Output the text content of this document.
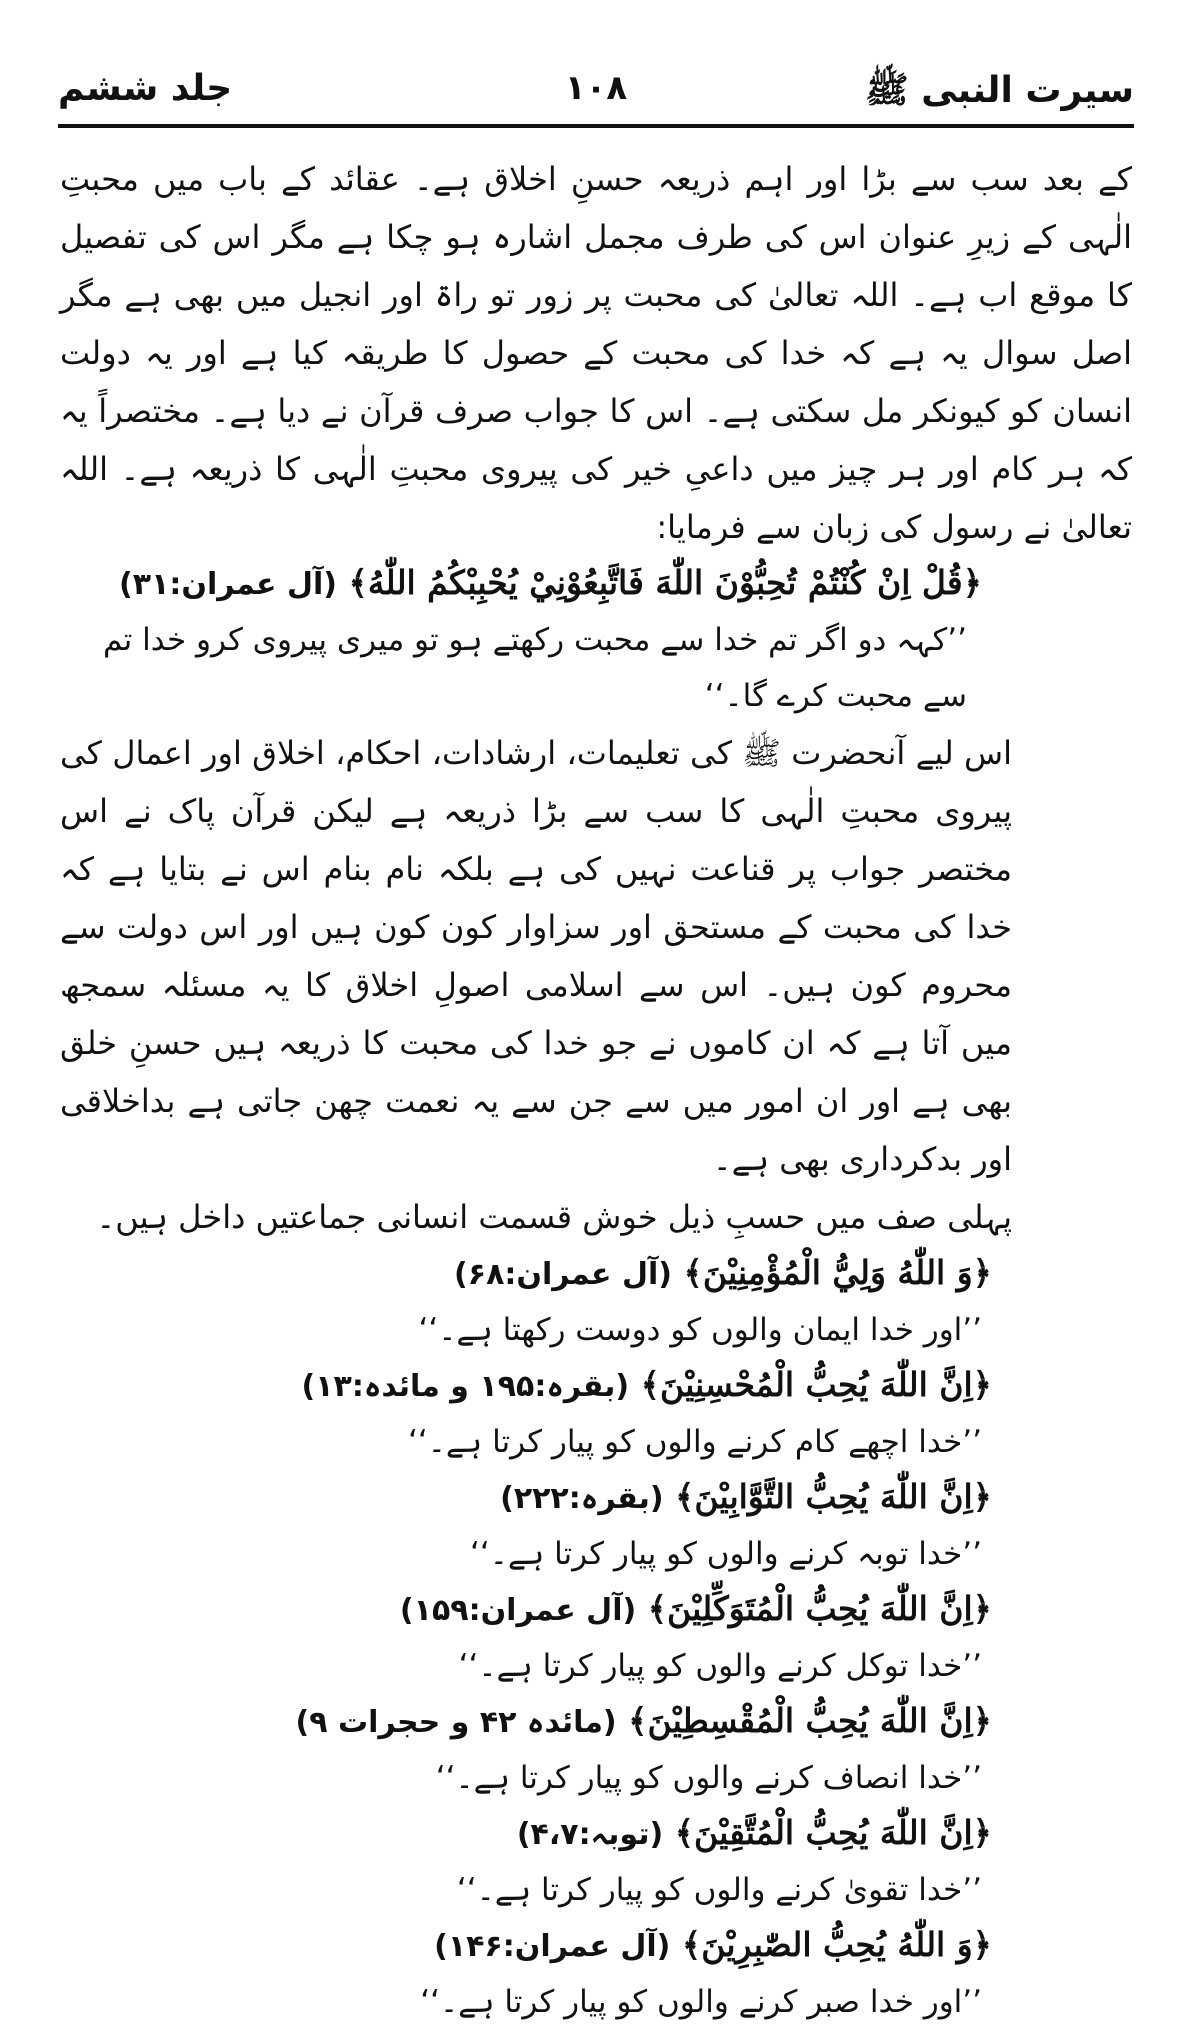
سیرت النبی ﷺ
۱۰۸
جلد ششم

کے بعد سب سے بڑا اور اہم ذریعہ حسنِ اخلاق ہے۔ عقائد کے باب میں محبتِ الٰہی کے زیرِ عنوان اس کی طرف مجمل اشارہ ہو چکا ہے مگر اس کی تفصیل کا موقع اب ہے۔ اللہ تعالیٰ کی محبت پر زور تو راۃ اور انجیل میں بھی ہے مگر اصل سوال یہ ہے کہ خدا کی محبت کے حصول کا طریقہ کیا ہے اور یہ دولت انسان کو کیونکر مل سکتی ہے۔ اس کا جواب صرف قرآن نے دیا ہے۔ مختصراً یہ کہ ہر کام اور ہر چیز میں داعیِ خیر کی پیروی محبتِ الٰہی کا ذریعہ ہے۔ اللہ تعالیٰ نے رسول کی زبان سے فرمایا:

﴿قُلْ اِنْ كُنْتُمْ تُحِبُّوْنَ اللّٰهَ فَاتَّبِعُوْنِيْ يُحْبِبْكُمُ اللّٰهُ﴾ (آل عمران:۳۱)
’’کہہ دو اگر تم خدا سے محبت رکھتے ہو تو میری پیروی کرو خدا تم سے محبت کرے گا۔‘‘

اس لیے آنحضرت ﷺ کی تعلیمات، ارشادات، احکام، اخلاق اور اعمال کی پیروی محبتِ الٰہی کا سب سے بڑا ذریعہ ہے لیکن قرآن پاک نے اس مختصر جواب پر قناعت نہیں کی ہے بلکہ نام بنام اس نے بتایا ہے کہ خدا کی محبت کے مستحق اور سزاوار کون کون ہیں اور اس دولت سے محروم کون ہیں۔ اس سے اسلامی اصولِ اخلاق کا یہ مسئلہ سمجھ میں آتا ہے کہ ان کاموں نے جو خدا کی محبت کا ذریعہ ہیں حسنِ خلق بھی ہے اور ان امور میں سے جن سے یہ نعمت چھن جاتی ہے بداخلاقی اور بدکرداری بھی ہے۔

پہلی صف میں حسبِ ذیل خوش قسمت انسانی جماعتیں داخل ہیں۔

﴿وَ اللّٰهُ وَلِيُّ الْمُؤْمِنِيْنَ﴾ (آل عمران:۶۸)
’’اور خدا ایمان والوں کو دوست رکھتا ہے۔‘‘
﴿اِنَّ اللّٰهَ يُحِبُّ الْمُحْسِنِيْنَ﴾ (بقرہ:۱۹۵ و مائدہ:۱۳)
’’خدا اچھے کام کرنے والوں کو پیار کرتا ہے۔‘‘
﴿اِنَّ اللّٰهَ يُحِبُّ التَّوَّابِيْنَ﴾ (بقرہ:۲۲۲)
’’خدا توبہ کرنے والوں کو پیار کرتا ہے۔‘‘
﴿اِنَّ اللّٰهَ يُحِبُّ الْمُتَوَكِّلِيْنَ﴾ (آل عمران:۱۵۹)
’’خدا توکل کرنے والوں کو پیار کرتا ہے۔‘‘
﴿اِنَّ اللّٰهَ يُحِبُّ الْمُقْسِطِيْنَ﴾ (مائدہ ۴۲ و حجرات ۹)
’’خدا انصاف کرنے والوں کو پیار کرتا ہے۔‘‘
﴿اِنَّ اللّٰهَ يُحِبُّ الْمُتَّقِيْنَ﴾ (توبہ:۴،۷)
’’خدا تقویٰ کرنے والوں کو پیار کرتا ہے۔‘‘
﴿وَ اللّٰهُ يُحِبُّ الصّٰبِرِيْنَ﴾ (آل عمران:۱۴۶)
’’اور خدا صبر کرنے والوں کو پیار کرتا ہے۔‘‘
